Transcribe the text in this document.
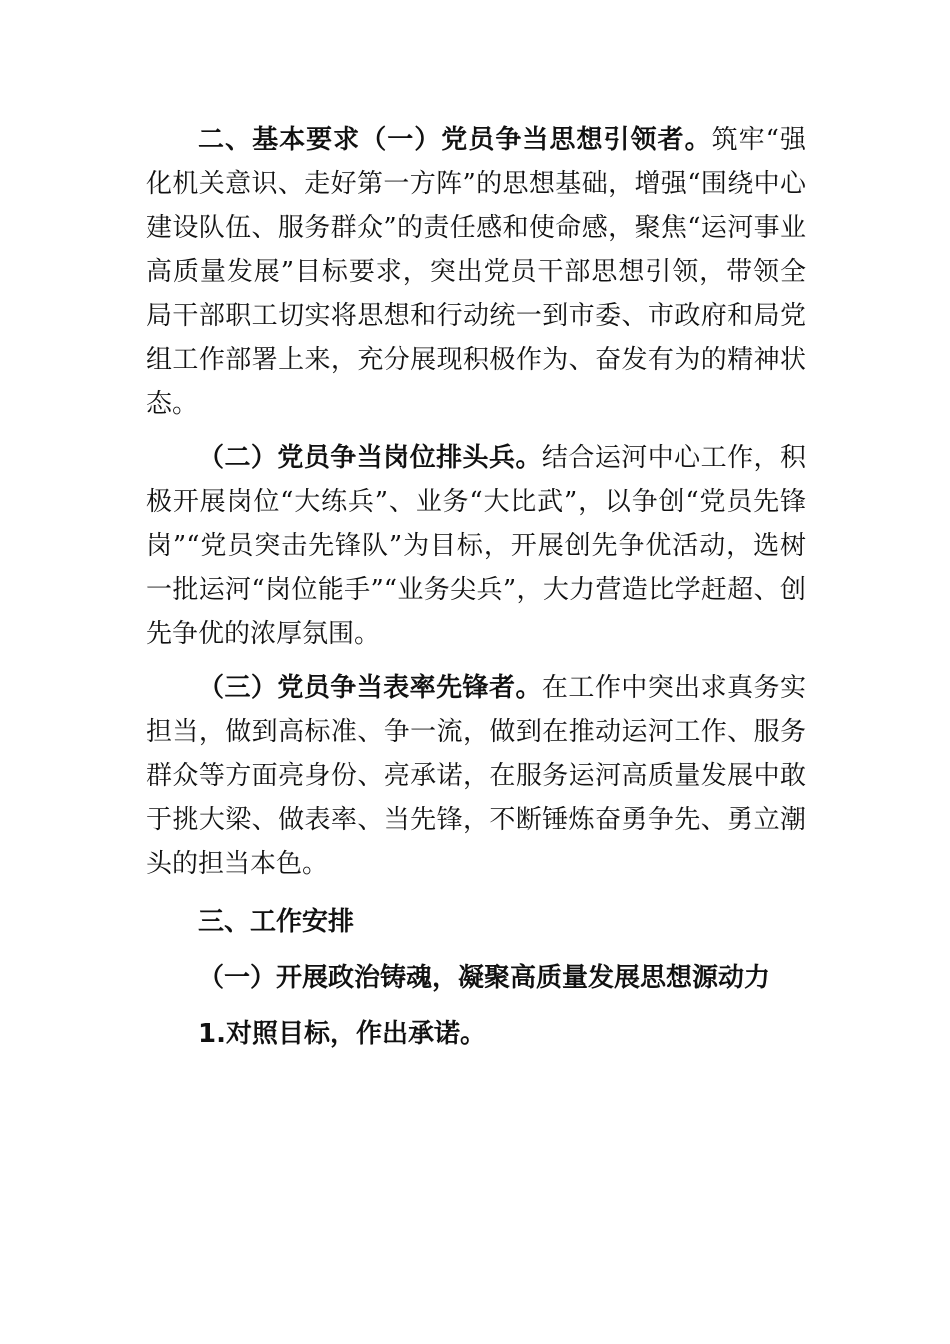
二、基本要求（一）党员争当思想引领者。筑牢“强化机关意识、走好第一方阵”的思想基础，增强“围绕中心建设队伍、服务群众”的责任感和使命感，聚焦“运河事业高质量发展”目标要求，突出党员干部思想引领，带领全局干部职工切实将思想和行动统一到市委、市政府和局党组工作部署上来，充分展现积极作为、奋发有为的精神状态。

（二）党员争当岗位排头兵。结合运河中心工作，积极开展岗位“大练兵”、业务“大比武”，以争创“党员先锋岗”“党员突击先锋队”为目标，开展创先争优活动，选树一批运河“岗位能手”“业务尖兵”，大力营造比学赶超、创先争优的浓厚氛围。

（三）党员争当表率先锋者。在工作中突出求真务实担当，做到高标准、争一流，做到在推动运河工作、服务群众等方面亮身份、亮承诺，在服务运河高质量发展中敢于挑大梁、做表率、当先锋，不断锤炼奋勇争先、勇立潮头的担当本色。

三、工作安排

（一）开展政治铸魂，凝聚高质量发展思想源动力

1.对照目标，作出承诺。
